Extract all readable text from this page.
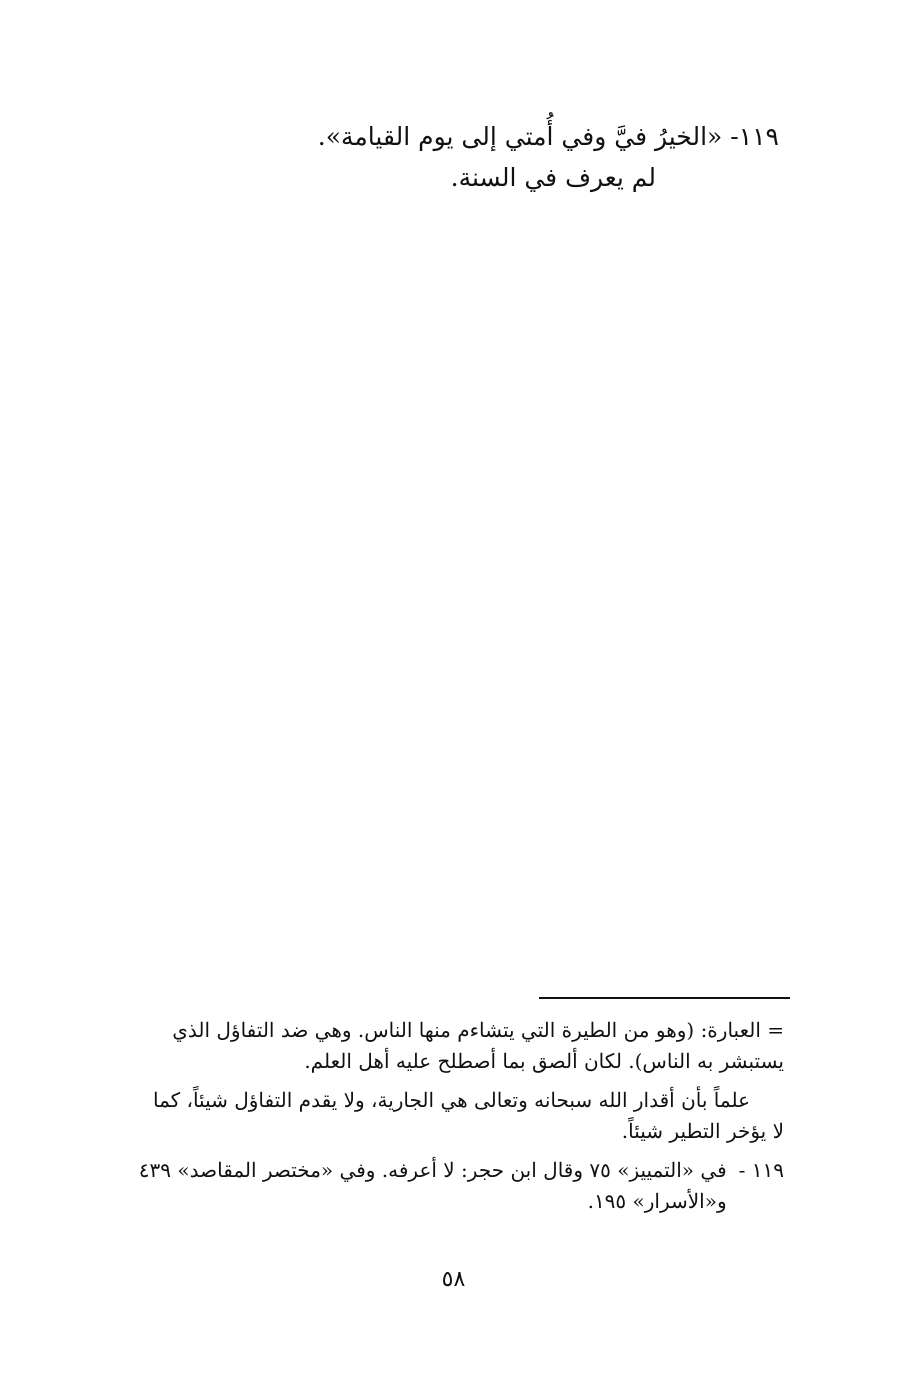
١١٩- «الخيرُ فيَّ وفي أُمتي إلى يوم القيامة».
لم يعرف في السنة.
= العبارة: (وهو من الطيرة التي يتشاءم منها الناس. وهي ضد التفاؤل الذي
يستبشر به الناس). لكان ألصق بما أصطلح عليه أهل العلم.
علماً بأن أقدار الله سبحانه وتعالى هي الجارية، ولا يقدم التفاؤل شيئاً، كما
لا يؤخر التطير شيئاً.
١١٩ -
في «التمييز» ٧٥ وقال ابن حجر: لا أعرفه. وفي «مختصر المقاصد» ٤٣٩
و«الأسرار» ١٩٥.
٥٨
